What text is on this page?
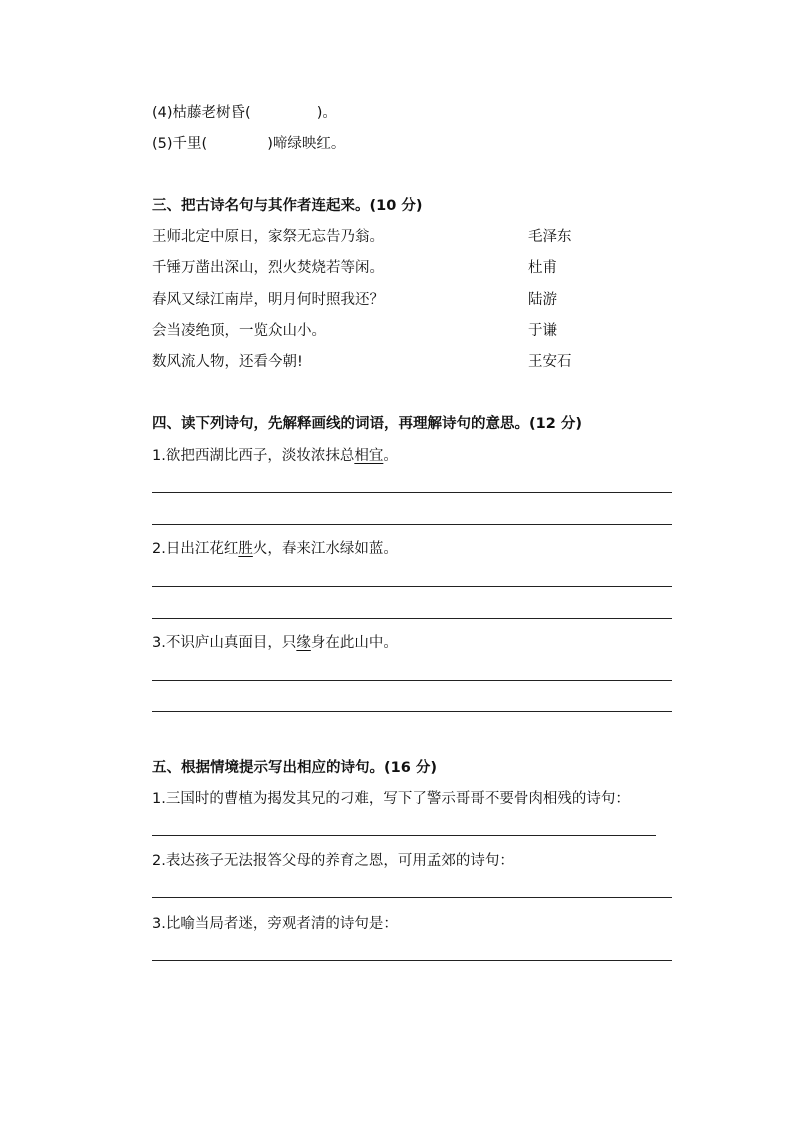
(4)枯藤老树昏(	)。
(5)千里(	)啼绿映红。
三、把古诗名句与其作者连起来。(10 分)
王师北定中原日，家祭无忘告乃翁。
千锤万凿出深山，烈火焚烧若等闲。
春风又绿江南岸，明月何时照我还？
会当凌绝顶，一览众山小。
数风流人物，还看今朝!
毛泽东
杜甫
陆游
于谦
王安石
四、读下列诗句，先解释画线的词语，再理解诗句的意思。(12 分)
1.欲把西湖比西子，淡妆浓抹总相宜。
2.日出江花红胜火，春来江水绿如蓝。
3.不识庐山真面目，只缘身在此山中。
五、根据情境提示写出相应的诗句。(16 分)
1.三国时的曹植为揭发其兄的刁难，写下了警示哥哥不要骨肉相残的诗句：
2.表达孩子无法报答父母的养育之恩，可用孟郊的诗句：
3.比喻当局者迷，旁观者清的诗句是：
